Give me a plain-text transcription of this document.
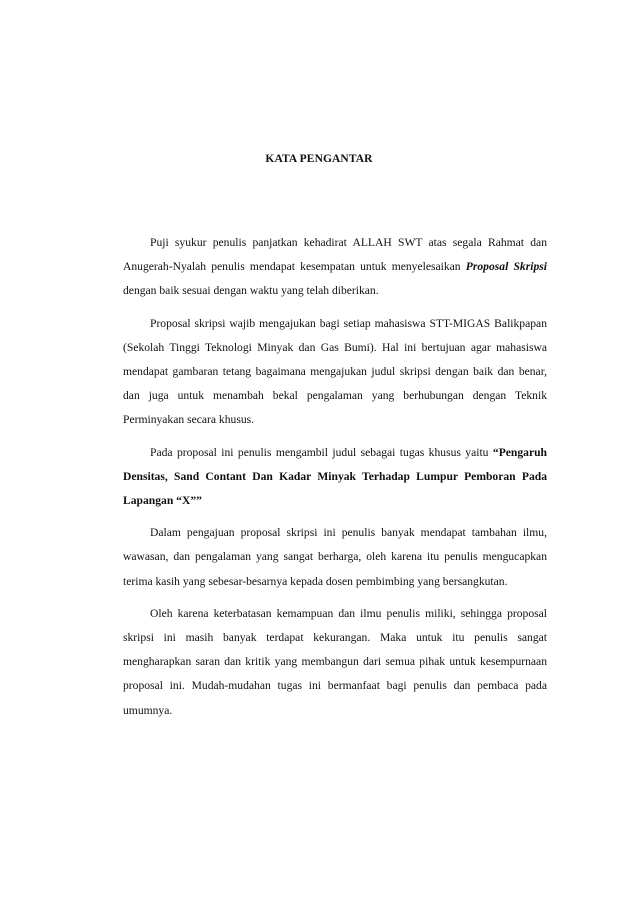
KATA PENGANTAR

Puji syukur penulis panjatkan kehadirat ALLAH SWT atas segala Rahmat dan Anugerah-Nyalah penulis mendapat kesempatan untuk menyelesaikan Proposal Skripsi dengan baik sesuai dengan waktu yang telah diberikan.

Proposal skripsi wajib mengajukan bagi setiap mahasiswa STT-MIGAS Balikpapan (Sekolah Tinggi Teknologi Minyak dan Gas Bumi). Hal ini bertujuan agar mahasiswa mendapat gambaran tetang bagaimana mengajukan judul skripsi dengan baik dan benar, dan juga untuk menambah bekal pengalaman yang berhubungan dengan Teknik Perminyakan secara khusus.

Pada proposal ini penulis mengambil judul sebagai tugas khusus yaitu “Pengaruh Densitas, Sand Contant Dan Kadar Minyak Terhadap Lumpur Pemboran Pada Lapangan “X””

Dalam pengajuan proposal skripsi ini penulis banyak mendapat tambahan ilmu, wawasan, dan pengalaman yang sangat berharga, oleh karena itu penulis mengucapkan terima kasih yang sebesar-besarnya kepada dosen pembimbing yang bersangkutan.

Oleh karena keterbatasan kemampuan dan ilmu penulis miliki, sehingga proposal skripsi ini masih banyak terdapat kekurangan. Maka untuk itu penulis sangat mengharapkan saran dan kritik yang membangun dari semua pihak untuk kesempurnaan proposal ini. Mudah-mudahan tugas ini bermanfaat bagi penulis dan pembaca pada umumnya.
